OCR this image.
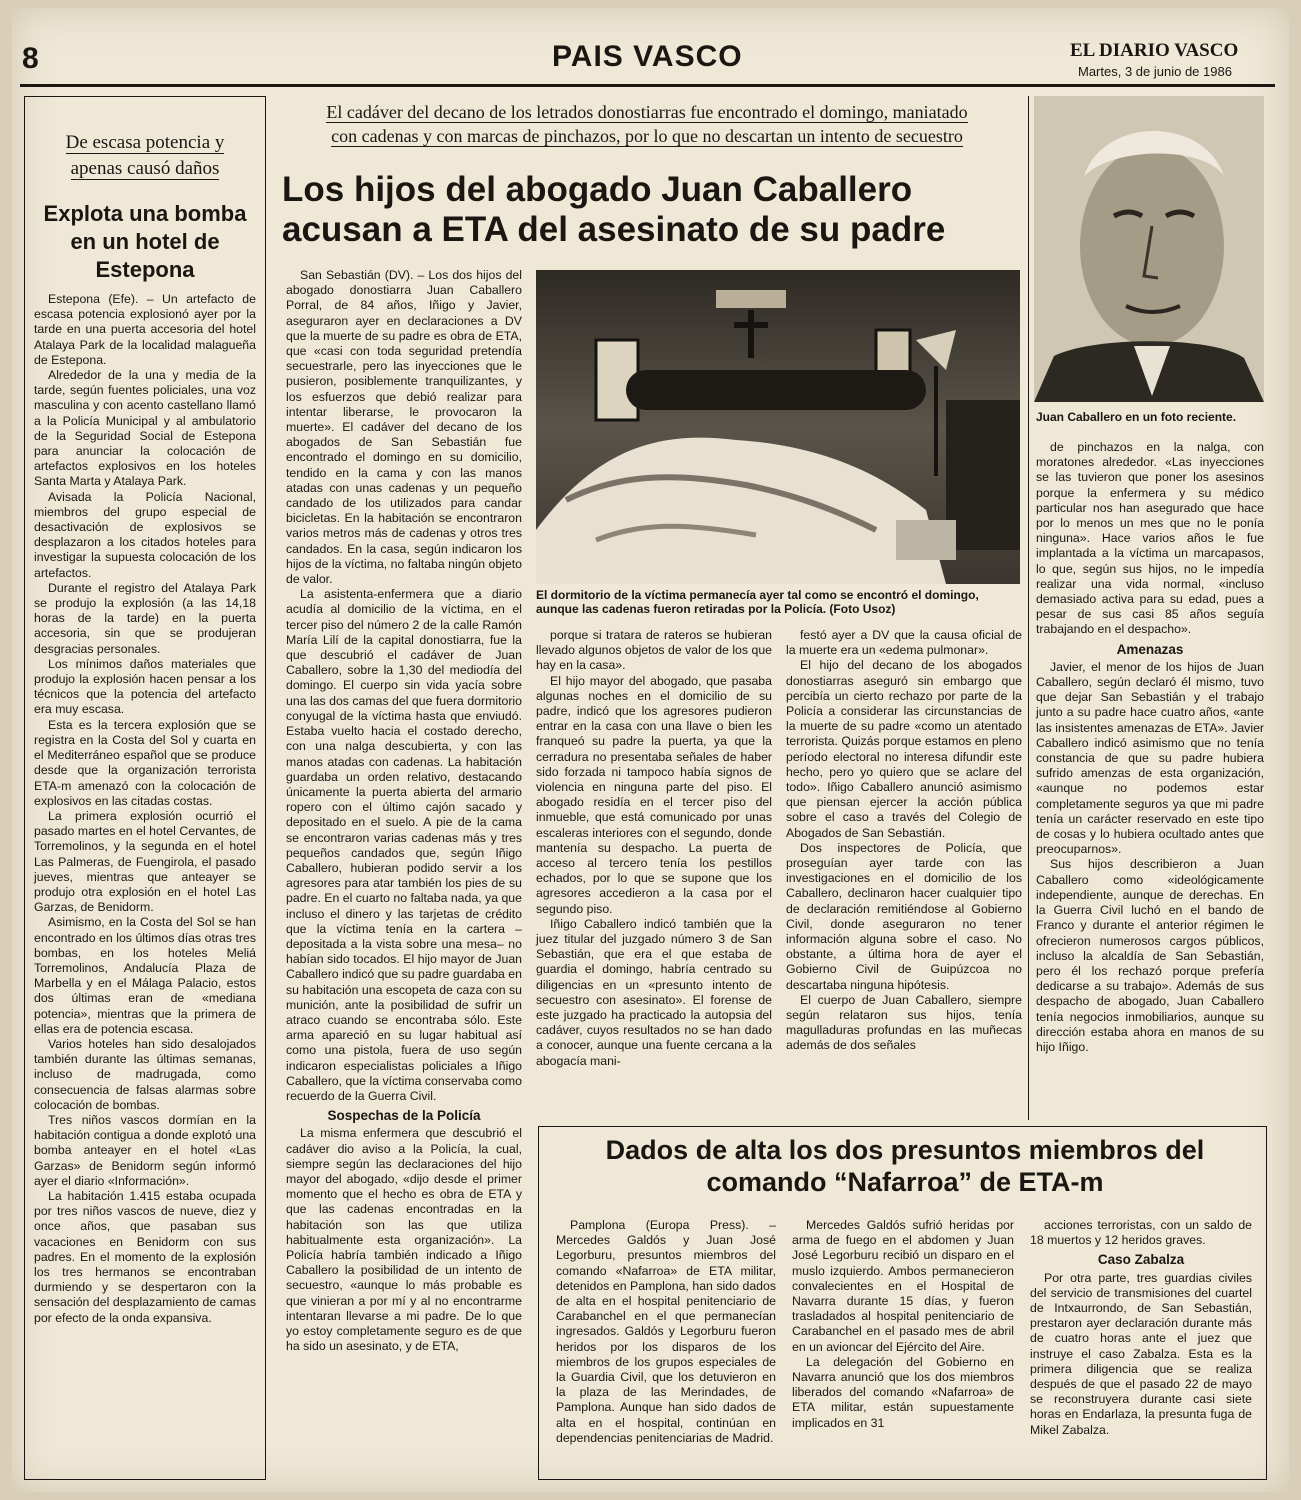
8	PAIS VASCO	EL DIARIO VASCO
Martes, 3 de junio de 1986
De escasa potencia y
apenas causó daños
Explota una bomba en un hotel de Estepona

Estepona (Efe). – Un artefacto de escasa potencia explosionó ayer por la tarde en una puerta accesoria del hotel Atalaya Park de la localidad malagueña de Estepona.

Alrededor de la una y media de la tarde, según fuentes policiales, una voz masculina y con acento castellano llamó a la Policía Municipal y al ambulatorio de la Seguridad Social de Estepona para anunciar la colocación de artefactos explosivos en los hoteles Santa Marta y Atalaya Park.

Avisada la Policía Nacional, miembros del grupo especial de desactivación de explosivos se desplazaron a los citados hoteles para investigar la supuesta colocación de los artefactos.

Durante el registro del Atalaya Park se produjo la explosión (a las 14,18 horas de la tarde) en la puerta accesoria, sin que se produjeran desgracias personales.

Los mínimos daños materiales que produjo la explosión hacen pensar a los técnicos que la potencia del artefacto era muy escasa.

Esta es la tercera explosión que se registra en la Costa del Sol y cuarta en el Mediterráneo español que se produce desde que la organización terrorista ETA-m amenazó con la colocación de explosivos en las citadas costas.

La primera explosión ocurrió el pasado martes en el hotel Cervantes, de Torremolinos, y la segunda en el hotel Las Palmeras, de Fuengirola, el pasado jueves, mientras que anteayer se produjo otra explosión en el hotel Las Garzas, de Benidorm.

Asimismo, en la Costa del Sol se han encontrado en los últimos días otras tres bombas, en los hoteles Meliá Torremolinos, Andalucía Plaza de Marbella y en el Málaga Palacio, estos dos últimas eran de «mediana potencia», mientras que la primera de ellas era de potencia escasa.

Varios hoteles han sido desalojados también durante las últimas semanas, incluso de madrugada, como consecuencia de falsas alarmas sobre colocación de bombas.

Tres niños vascos dormían en la habitación contigua a donde explotó una bomba anteayer en el hotel «Las Garzas» de Benidorm según informó ayer el diario «Información».

La habitación 1.415 estaba ocupada por tres niños vascos de nueve, diez y once años, que pasaban sus vacaciones en Benidorm con sus padres. En el momento de la explosión los tres hermanos se encontraban durmiendo y se despertaron con la sensación del desplazamiento de camas por efecto de la onda expansiva.

El cadáver del decano de los letrados donostiarras fue encontrado el domingo, maniatado
con cadenas y con marcas de pinchazos, por lo que no descartan un intento de secuestro
Los hijos del abogado Juan Caballero acusan a ETA del asesinato de su padre

San Sebastián (DV). – Los dos hijos del abogado donostiarra Juan Caballero Porral, de 84 años, Iñigo y Javier, aseguraron ayer en declaraciones a DV que la muerte de su padre es obra de ETA, que «casi con toda seguridad pretendía secuestrarle, pero las inyecciones que le pusieron, posiblemente tranquilizantes, y los esfuerzos que debió realizar para intentar liberarse, le provocaron la muerte». El cadáver del decano de los abogados de San Sebastián fue encontrado el domingo en su domicilio, tendido en la cama y con las manos atadas con unas cadenas y un pequeño candado de los utilizados para candar bicicletas. En la habitación se encontraron varios metros más de cadenas y otros tres candados. En la casa, según indicaron los hijos de la víctima, no faltaba ningún objeto de valor.

La asistenta-enfermera que a diario acudía al domicilio de la víctima, en el tercer piso del número 2 de la calle Ramón María Lilí de la capital donostiarra, fue la que descubrió el cadáver de Juan Caballero, sobre la 1,30 del mediodía del domingo. El cuerpo sin vida yacía sobre una las dos camas del que fuera dormitorio conyugal de la víctima hasta que enviudó. Estaba vuelto hacia el costado derecho, con una nalga descubierta, y con las manos atadas con cadenas. La habitación guardaba un orden relativo, destacando únicamente la puerta abierta del armario ropero con el último cajón sacado y depositado en el suelo. A pie de la cama se encontraron varias cadenas más y tres pequeños candados que, según Iñigo Caballero, hubieran podido servir a los agresores para atar también los pies de su padre. En el cuarto no faltaba nada, ya que incluso el dinero y las tarjetas de crédito que la víctima tenía en la cartera –depositada a la vista sobre una mesa– no habían sido tocados. El hijo mayor de Juan Caballero indicó que su padre guardaba en su habitación una escopeta de caza con su munición, ante la posibilidad de sufrir un atraco cuando se encontraba sólo. Este arma apareció en su lugar habitual así como una pistola, fuera de uso según indicaron especialistas policiales a Iñigo Caballero, que la víctima conservaba como recuerdo de la Guerra Civil.

Sospechas de la Policía

La misma enfermera que descubrió el cadáver dio aviso a la Policía, la cual, siempre según las declaraciones del hijo mayor del abogado, «dijo desde el primer momento que el hecho es obra de ETA y que las cadenas encontradas en la habitación son las que utiliza habitualmente esta organización». La Policía habría también indicado a Iñigo Caballero la posibilidad de un intento de secuestro, «aunque lo más probable es que vinieran a por mí y al no encontrarme intentaran llevarse a mi padre. De lo que yo estoy completamente seguro es de que ha sido un asesinato, y de ETA,

El dormitorio de la víctima permanecía ayer tal como se encontró el domingo, aunque las cadenas fueron retiradas por la Policía. (Foto Usoz)

porque si tratara de rateros se hubieran llevado algunos objetos de valor de los que hay en la casa».

El hijo mayor del abogado, que pasaba algunas noches en el domicilio de su padre, indicó que los agresores pudieron entrar en la casa con una llave o bien les franqueó su padre la puerta, ya que la cerradura no presentaba señales de haber sido forzada ni tampoco había signos de violencia en ninguna parte del piso. El abogado residía en el tercer piso del inmueble, que está comunicado por unas escaleras interiores con el segundo, donde mantenía su despacho. La puerta de acceso al tercero tenía los pestillos echados, por lo que se supone que los agresores accedieron a la casa por el segundo piso.

Iñigo Caballero indicó también que la juez titular del juzgado número 3 de San Sebastián, que era el que estaba de guardia el domingo, habría centrado su diligencias en un «presunto intento de secuestro con asesinato». El forense de este juzgado ha practicado la autopsia del cadáver, cuyos resultados no se han dado a conocer, aunque una fuente cercana a la abogacía mani-

festó ayer a DV que la causa oficial de la muerte era un «edema pulmonar».

El hijo del decano de los abogados donostiarras aseguró sin embargo que percibía un cierto rechazo por parte de la Policía a considerar las circunstancias de la muerte de su padre «como un atentado terrorista. Quizás porque estamos en pleno período electoral no interesa difundir este hecho, pero yo quiero que se aclare del todo». Iñigo Caballero anunció asimismo que piensan ejercer la acción pública sobre el caso a través del Colegio de Abogados de San Sebastián.

Dos inspectores de Policía, que proseguían ayer tarde con las investigaciones en el domicilio de los Caballero, declinaron hacer cualquier tipo de declaración remitiéndose al Gobierno Civil, donde aseguraron no tener información alguna sobre el caso. No obstante, a última hora de ayer el Gobierno Civil de Guipúzcoa no descartaba ninguna hipótesis.

El cuerpo de Juan Caballero, siempre según relataron sus hijos, tenía magulladuras profundas en las muñecas además de dos señales

Juan Caballero en un foto reciente.

de pinchazos en la nalga, con moratones alrededor. «Las inyecciones se las tuvieron que poner los asesinos porque la enfermera y su médico particular nos han asegurado que hace por lo menos un mes que no le ponía ninguna». Hace varios años le fue implantada a la víctima un marcapasos, lo que, según sus hijos, no le impedía realizar una vida normal, «incluso demasiado activa para su edad, pues a pesar de sus casi 85 años seguía trabajando en el despacho».

Amenazas

Javier, el menor de los hijos de Juan Caballero, según declaró él mismo, tuvo que dejar San Sebastián y el trabajo junto a su padre hace cuatro años, «ante las insistentes amenazas de ETA». Javier Caballero indicó asimismo que no tenía constancia de que su padre hubiera sufrido amenzas de esta organización, «aunque no podemos estar completamente seguros ya que mi padre tenía un carácter reservado en este tipo de cosas y lo hubiera ocultado antes que preocuparnos».

Sus hijos describieron a Juan Caballero como «ideológicamente independiente, aunque de derechas. En la Guerra Civil luchó en el bando de Franco y durante el anterior régimen le ofrecieron numerosos cargos públicos, incluso la alcaldía de San Sebastián, pero él los rechazó porque prefería dedicarse a su trabajo». Además de sus despacho de abogado, Juan Caballero tenía negocios inmobiliarios, aunque su dirección estaba ahora en manos de su hijo Iñigo.

Dados de alta los dos presuntos miembros del comando “Nafarroa” de ETA-m

Pamplona (Europa Press). – Mercedes Galdós y Juan José Legorburu, presuntos miembros del comando «Nafarroa» de ETA militar, detenidos en Pamplona, han sido dados de alta en el hospital penitenciario de Carabanchel en el que permanecían ingresados. Galdós y Legorburu fueron heridos por los disparos de los miembros de los grupos especiales de la Guardia Civil, que los detuvieron en la plaza de las Merindades, de Pamplona. Aunque han sido dados de alta en el hospital, continúan en dependencias penitenciarias de Madrid.

Mercedes Galdós sufrió heridas por arma de fuego en el abdomen y Juan José Legorburu recibió un disparo en el muslo izquierdo. Ambos permanecieron convalecientes en el Hospital de Navarra durante 15 días, y fueron trasladados al hospital penitenciario de Carabanchel en el pasado mes de abril en un avioncar del Ejército del Aire.

La delegación del Gobierno en Navarra anunció que los dos miembros liberados del comando «Nafarroa» de ETA militar, están supuestamente implicados en 31

acciones terroristas, con un saldo de 18 muertos y 12 heridos graves.

Caso Zabalza

Por otra parte, tres guardias civiles del servicio de transmisiones del cuartel de Intxaurrondo, de San Sebastián, prestaron ayer declaración durante más de cuatro horas ante el juez que instruye el caso Zabalza. Esta es la primera diligencia que se realiza después de que el pasado 22 de mayo se reconstruyera durante casi siete horas en Endarlaza, la presunta fuga de Mikel Zabalza.
